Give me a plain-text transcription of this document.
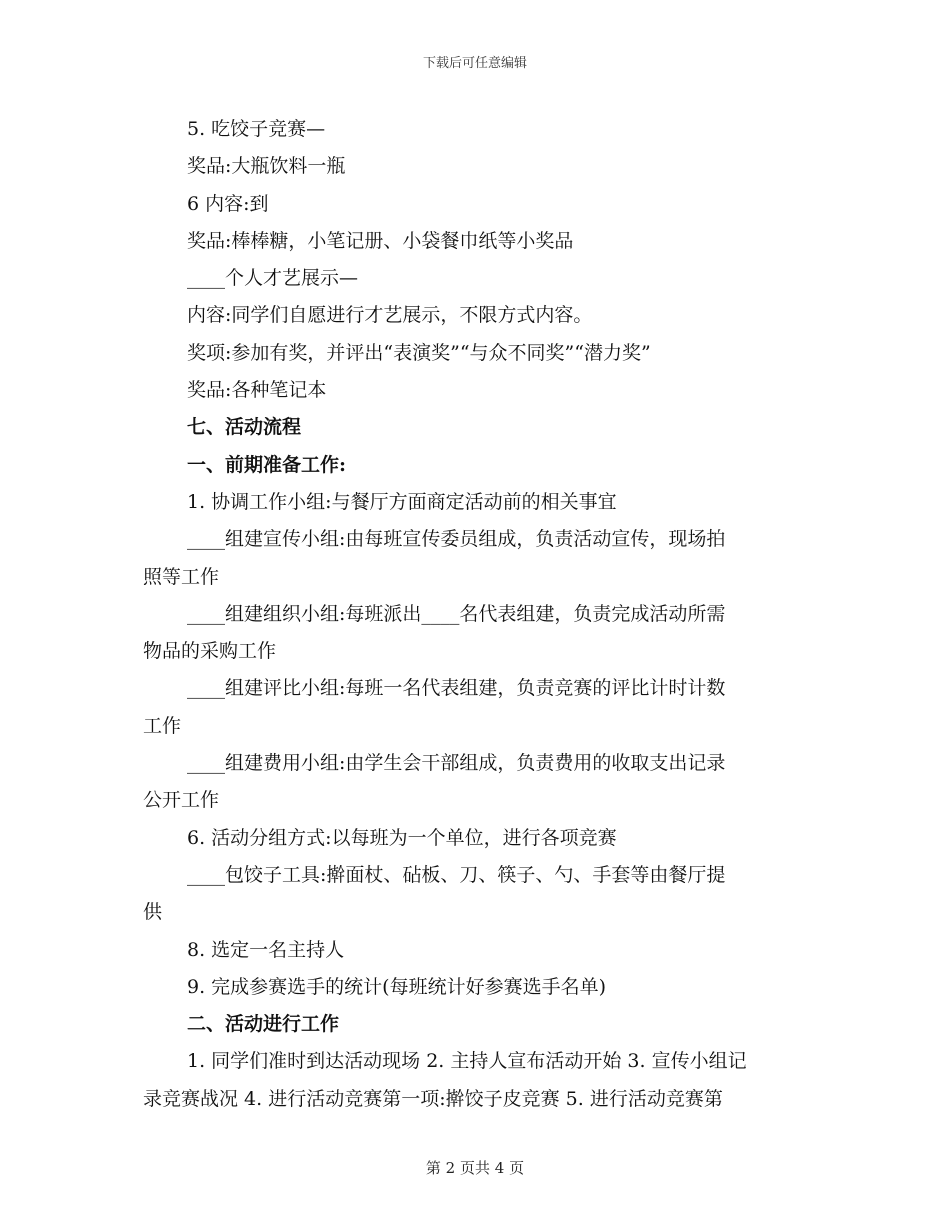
下载后可任意编辑

5. 吃饺子竞赛—

奖品:大瓶饮料一瓶

6 内容:到

奖品:棒棒糖，小笔记册、小袋餐巾纸等小奖品

____个人才艺展示—

内容:同学们自愿进行才艺展示，不限方式内容。

奖项:参加有奖，并评出“表演奖”“与众不同奖”“潜力奖”

奖品:各种笔记本

七、活动流程

一、前期准备工作:

1. 协调工作小组:与餐厅方面商定活动前的相关事宜

____组建宣传小组:由每班宣传委员组成，负责活动宣传，现场拍

照等工作

____组建组织小组:每班派出____名代表组建，负责完成活动所需

物品的采购工作

____组建评比小组:每班一名代表组建，负责竞赛的评比计时计数

工作

____组建费用小组:由学生会干部组成，负责费用的收取支出记录

公开工作

6. 活动分组方式:以每班为一个单位，进行各项竞赛

____包饺子工具:擀面杖、砧板、刀、筷子、勺、手套等由餐厅提

供

8. 选定一名主持人

9. 完成参赛选手的统计(每班统计好参赛选手名单)

二、活动进行工作

1. 同学们准时到达活动现场 2. 主持人宣布活动开始 3. 宣传小组记

录竞赛战况 4. 进行活动竞赛第一项:擀饺子皮竞赛 5. 进行活动竞赛第

第 2 页共 4 页
